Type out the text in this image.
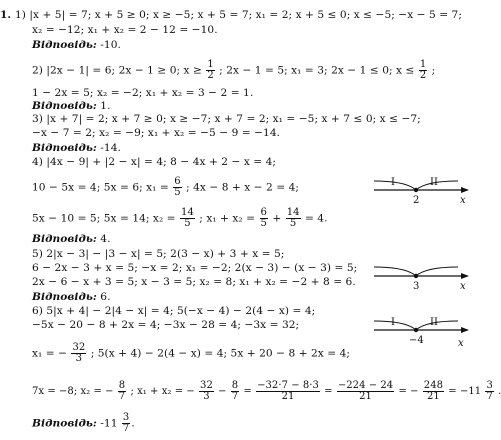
1. 1) |x + 5| = 7; x + 5 ≥ 0; x ≥ −5; x + 5 = 7; x₁ = 2; x + 5 ≤ 0; x ≤ −5; −x − 5 = 7;
x₂ = −12; x₁ + x₂ = 2 − 12 = −10.
Відповідь: -10.
2) |2x − 1| = 6; 2x − 1 ≥ 0; $x \ge \frac{1}{2}$ ; 2x − 1 = 5; x₁ = 3; 2x − 1 ≤ 0; $x \le \frac{1}{2}$ ;
1 − 2x = 5; x₂ = −2; x₁ + x₂ = 3 − 2 = 1.
Відповідь: 1.
3) |x + 7| = 2; x + 7 ≥ 0; x ≥ −7; x + 7 = 2; x₁ = −5; x + 7 ≤ 0; x ≤ −7;
−x − 7 = 2; x₂ = −9; x₁ + x₂ = −5 − 9 = −14.
Відповідь: -14.
4) |4x − 9| + |2 − x| = 4; 8 − 4x + 2 − x = 4;
10 − 5x = 4; 5x = 6; $x_1 = \frac{6}{5}$ ; 4x − 8 + x − 2 = 4;
5x − 10 = 5; 5x = 14; $x_2 = \frac{14}{5}$ ; $x_1 + x_2 = \frac{6}{5} + \frac{14}{5} = 4$.
Відповідь: 4.
5) 2|x − 3| − |3 − x| = 5; 2(3 − x) + 3 + x = 5;
6 − 2x − 3 + x = 5; −x = 2; x₁ = −2; 2(x − 3) − (x − 3) = 5;
2x − 6 − x + 3 = 5; x − 3 = 5; x₂ = 8; x₁ + x₂ = −2 + 8 = 6.
Відповідь: 6.
6) 5|x + 4| − 2|4 − x| = 4; 5(−x − 4) − 2(4 − x) = 4;
−5x − 20 − 8 + 2x = 4; −3x − 28 = 4; −3x = 32;
x₁ = − $\frac{32}{3}$ ; 5(x + 4) − 2(4 − x) = 4; 5x + 20 − 8 + 2x = 4;
7x = −8; x₂ = − $\frac{8}{7}$ ; x₁ + x₂ = − $\frac{32}{3} - \frac{8}{7} = \frac{-32\cdot 7 - 8\cdot 3}{21} = \frac{-224 - 24}{21}$ = − $\frac{248}{21} = -11 \frac{3}{7}$
Відповідь: $-11 \frac{3}{7}$ .
I	II
2	x
3	x
I	II
−4	x
